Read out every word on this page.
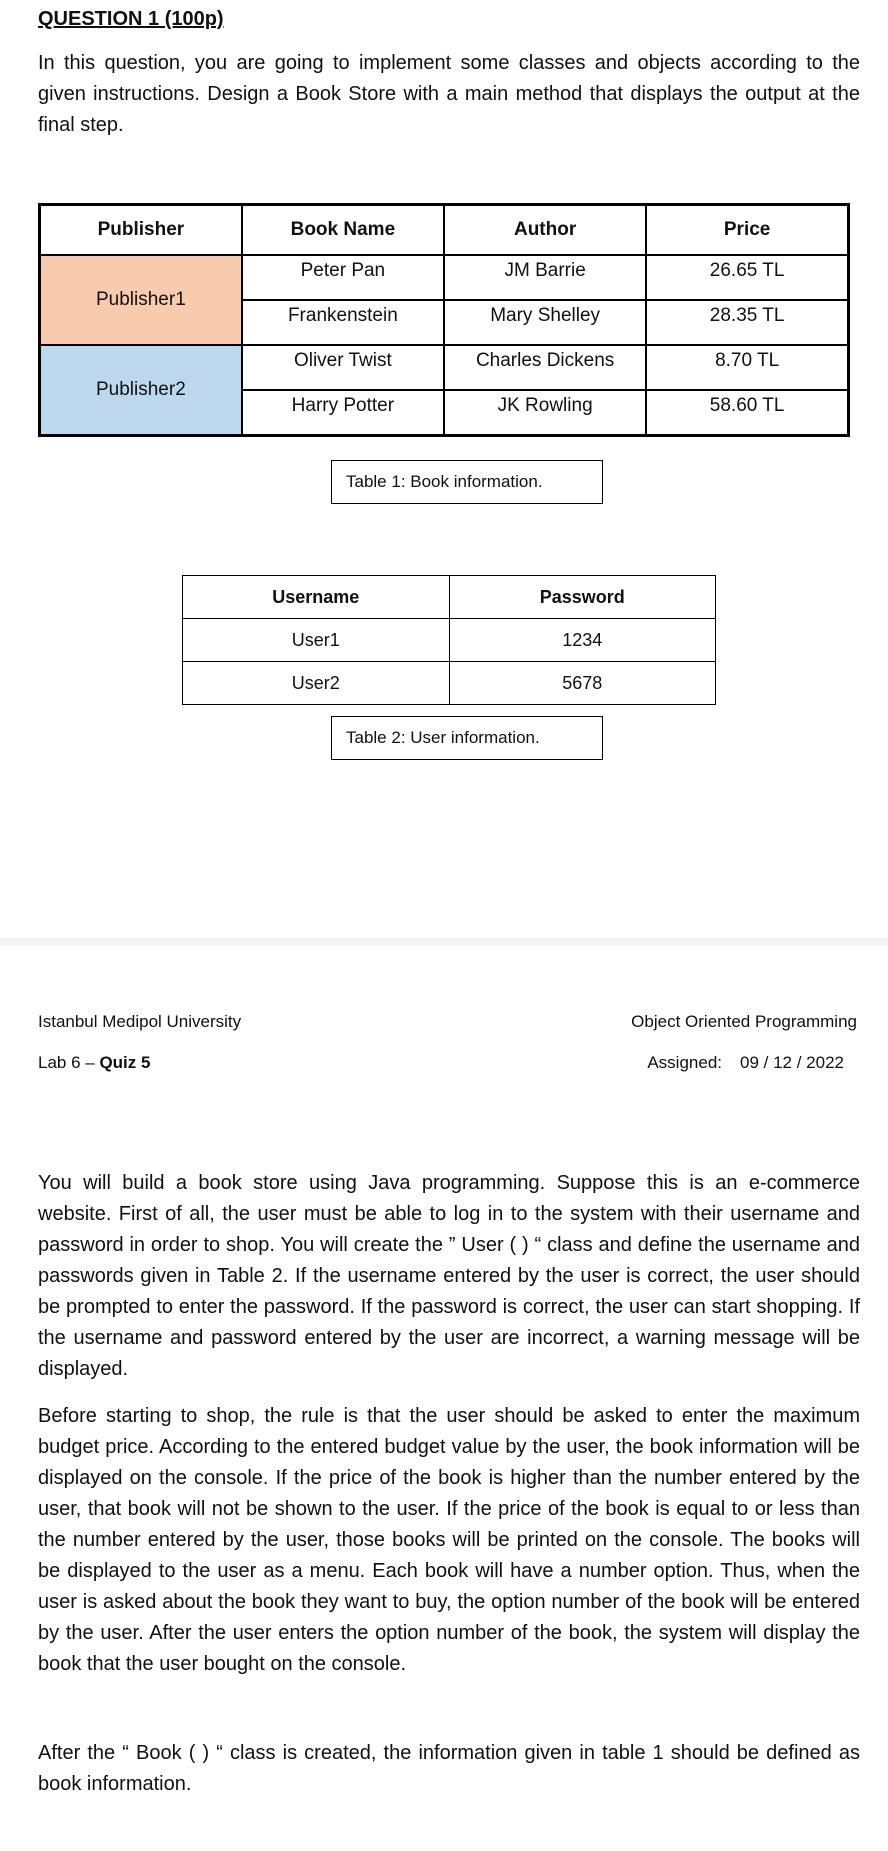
QUESTION 1 (100p)
In this question, you are going to implement some classes and objects according to the given instructions. Design a Book Store with a main method that displays the output at the final step.
Publisher	Book Name	Author	Price
Publisher1	Peter Pan	JM Barrie	26.65 TL
	Frankenstein	Mary Shelley	28.35 TL
Publisher2	Oliver Twist	Charles Dickens	8.70 TL
	Harry Potter	JK Rowling	58.60 TL
Table 1: Book information.
Username	Password
User1	1234
User2	5678
Table 2: User information.
Istanbul Medipol University
Lab 6 – Quiz 5
Object Oriented Programming
Assigned: 09 / 12 / 2022

You will build a book store using Java programming. Suppose this is an e-commerce website. First of all, the user must be able to log in to the system with their username and password in order to shop. You will create the ” User ( ) “ class and define the username and passwords given in Table 2. If the username entered by the user is correct, the user should be prompted to enter the password. If the password is correct, the user can start shopping. If the username and password entered by the user are incorrect, a warning message will be displayed.

Before starting to shop, the rule is that the user should be asked to enter the maximum budget price. According to the entered budget value by the user, the book information will be displayed on the console. If the price of the book is higher than the number entered by the user, that book will not be shown to the user. If the price of the book is equal to or less than the number entered by the user, those books will be printed on the console. The books will be displayed to the user as a menu. Each book will have a number option. Thus, when the user is asked about the book they want to buy, the option number of the book will be entered by the user. After the user enters the option number of the book, the system will display the book that the user bought on the console.

After the “ Book ( ) “ class is created, the information given in table 1 should be defined as book information.
